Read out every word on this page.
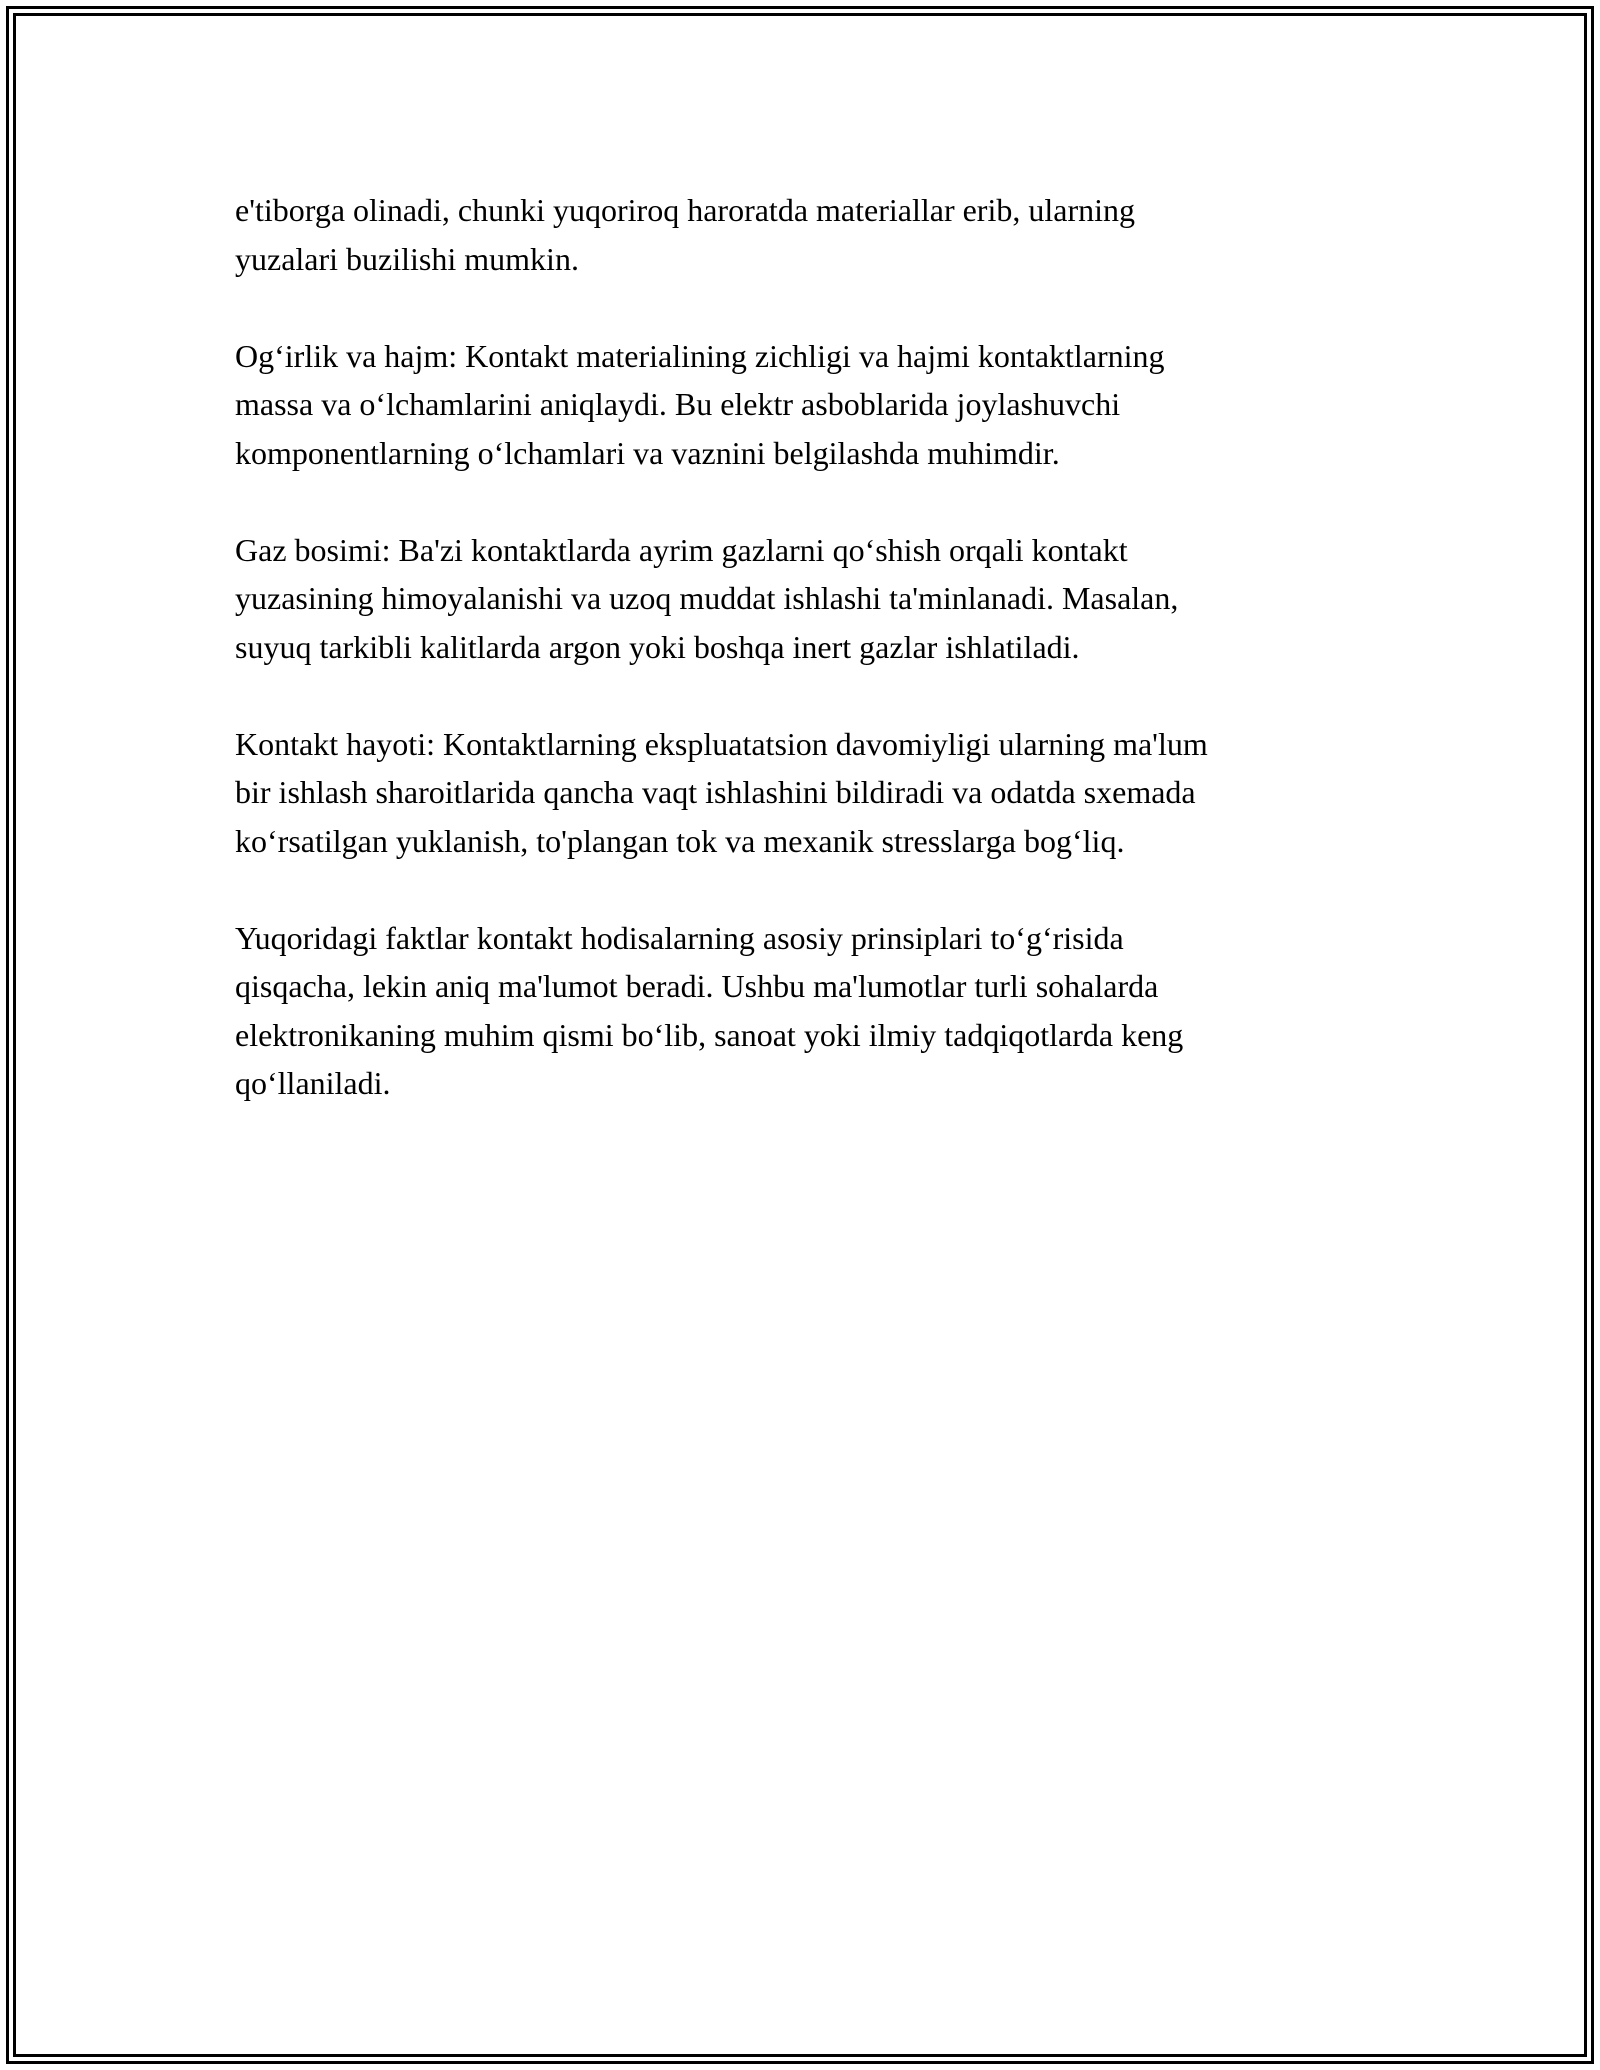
e'tiborga olinadi, chunki yuqoriroq haroratda materiallar erib, ularning
yuzalari buzilishi mumkin.

Og‘irlik va hajm: Kontakt materialining zichligi va hajmi kontaktlarning
massa va o‘lchamlarini aniqlaydi. Bu elektr asboblarida joylashuvchi
komponentlarning o‘lchamlari va vaznini belgilashda muhimdir.

Gaz bosimi: Ba'zi kontaktlarda ayrim gazlarni qo‘shish orqali kontakt
yuzasining himoyalanishi va uzoq muddat ishlashi ta'minlanadi. Masalan,
suyuq tarkibli kalitlarda argon yoki boshqa inert gazlar ishlatiladi.

Kontakt hayoti: Kontaktlarning ekspluatatsion davomiyligi ularning ma'lum
bir ishlash sharoitlarida qancha vaqt ishlashini bildiradi va odatda sxemada
ko‘rsatilgan yuklanish, to'plangan tok va mexanik stresslarga bog‘liq.

Yuqoridagi faktlar kontakt hodisalarning asosiy prinsiplari to‘g‘risida
qisqacha, lekin aniq ma'lumot beradi. Ushbu ma'lumotlar turli sohalarda
elektronikaning muhim qismi bo‘lib, sanoat yoki ilmiy tadqiqotlarda keng
qo‘llaniladi.
